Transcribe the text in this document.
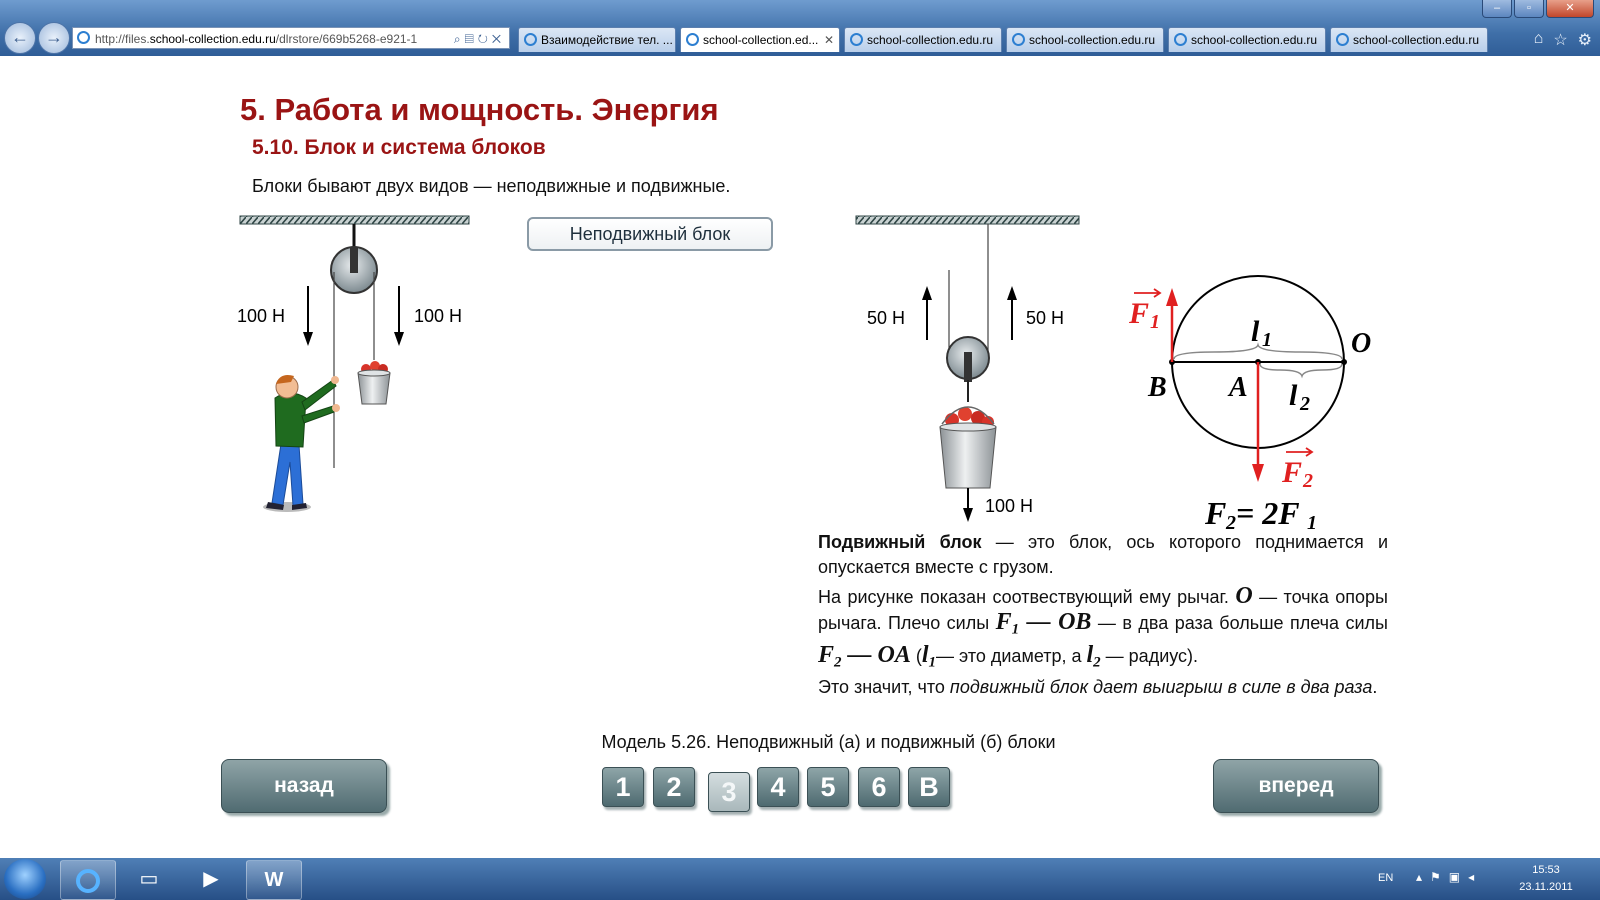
–	▫	✕
← →	http://files.school-collection.edu.ru/dlrstore/669b5268-e921-1	⌕▤↻✕	Взаимодействие тел. ...	school-collection.ed... ✕	school-collection.edu.ru	school-collection.edu.ru	school-collection.edu.ru	school-collection.edu.ru	⌂ ☆ ⚙
5. Работа и мощность. Энергия
5.10. Блок и система блоков
Блоки бывают двух видов — неподвижные и подвижные.
Неподвижный блок
100 Н	100 Н	50 Н	50 Н
100 Н
F 1
F 2
l 1
l 2
O
B A
F 2 = 2F 1

Подвижный блок — это блок, ось которого поднимается и опускается вместе с грузом.

На рисунке показан соотвествующий ему рычаг. O — точка опоры рычага. Плечо силы $F_1$ — OB — в два раза больше плеча силы $F_2$ — OA ($l_1—$ это диаметр, а $l_2$ — радиус).

Это значит, что подвижный блок дает выигрыш в силе в два раза.

Модель 5.26. Неподвижный (а) и подвижный (б) блоки
назад	вперед
1	2	3	4	5	6	В
▭	▶	W	EN ▴⚑▣◂	15:53
23.11.2011
